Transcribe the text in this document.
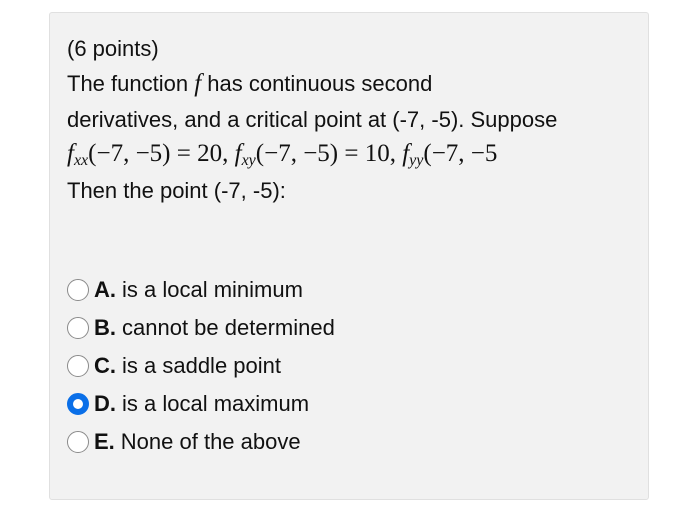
(6 points)
The function f has continuous second
derivatives, and a critical point at (-7, -5). Suppose
$f_{xx}(-7$, −5) = 20, $f_{xy}(-7$, −5) = 10, $f_{yy}(-7$, −5
Then the point (-7, -5):
A. is a local minimum
B. cannot be determined
C. is a saddle point
D. is a local maximum
E. None of the above
